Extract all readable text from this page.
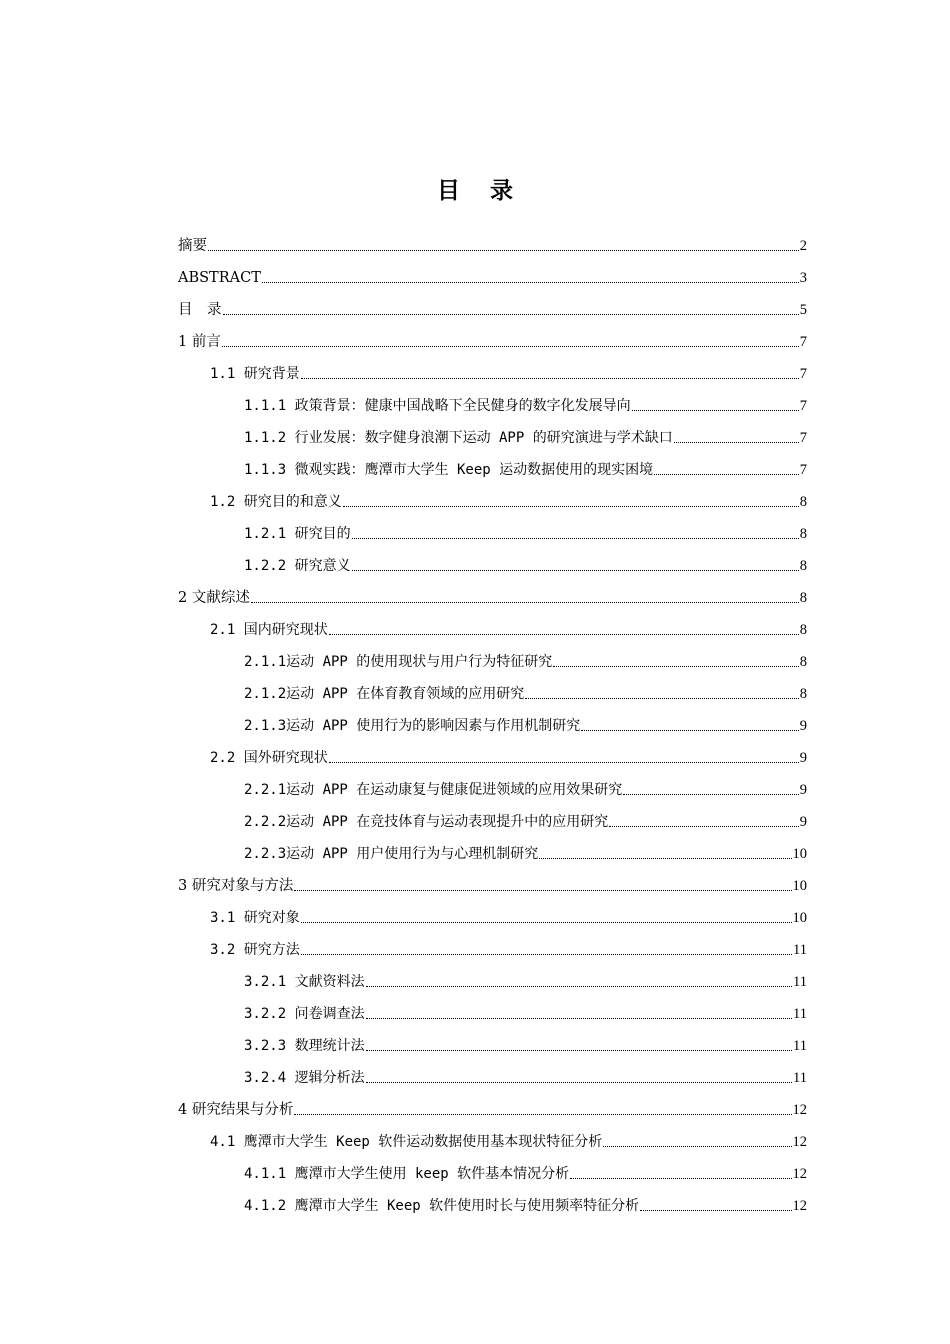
目 录
摘要	2
ABSTRACT	3
目　录	5
1 前言	7
1.1 研究背景	7
1.1.1 政策背景：健康中国战略下全民健身的数字化发展导向	7
1.1.2 行业发展：数字健身浪潮下运动 APP 的研究演进与学术缺口	7
1.1.3 微观实践：鹰潭市大学生 Keep 运动数据使用的现实困境	7
1.2 研究目的和意义	8
1.2.1 研究目的	8
1.2.2 研究意义	8
2 文献综述	8
2.1 国内研究现状	8
2.1.1运动 APP 的使用现状与用户行为特征研究	8
2.1.2运动 APP 在体育教育领域的应用研究	8
2.1.3运动 APP 使用行为的影响因素与作用机制研究	9
2.2 国外研究现状	9
2.2.1运动 APP 在运动康复与健康促进领域的应用效果研究	9
2.2.2运动 APP 在竞技体育与运动表现提升中的应用研究	9
2.2.3运动 APP 用户使用行为与心理机制研究	10
3 研究对象与方法	10
3.1 研究对象	10
3.2 研究方法	11
3.2.1 文献资料法	11
3.2.2 问卷调查法	11
3.2.3 数理统计法	11
3.2.4 逻辑分析法	11
4 研究结果与分析	12
4.1 鹰潭市大学生 Keep 软件运动数据使用基本现状特征分析	12
4.1.1 鹰潭市大学生使用 keep 软件基本情况分析	12
4.1.2 鹰潭市大学生 Keep 软件使用时长与使用频率特征分析	12
